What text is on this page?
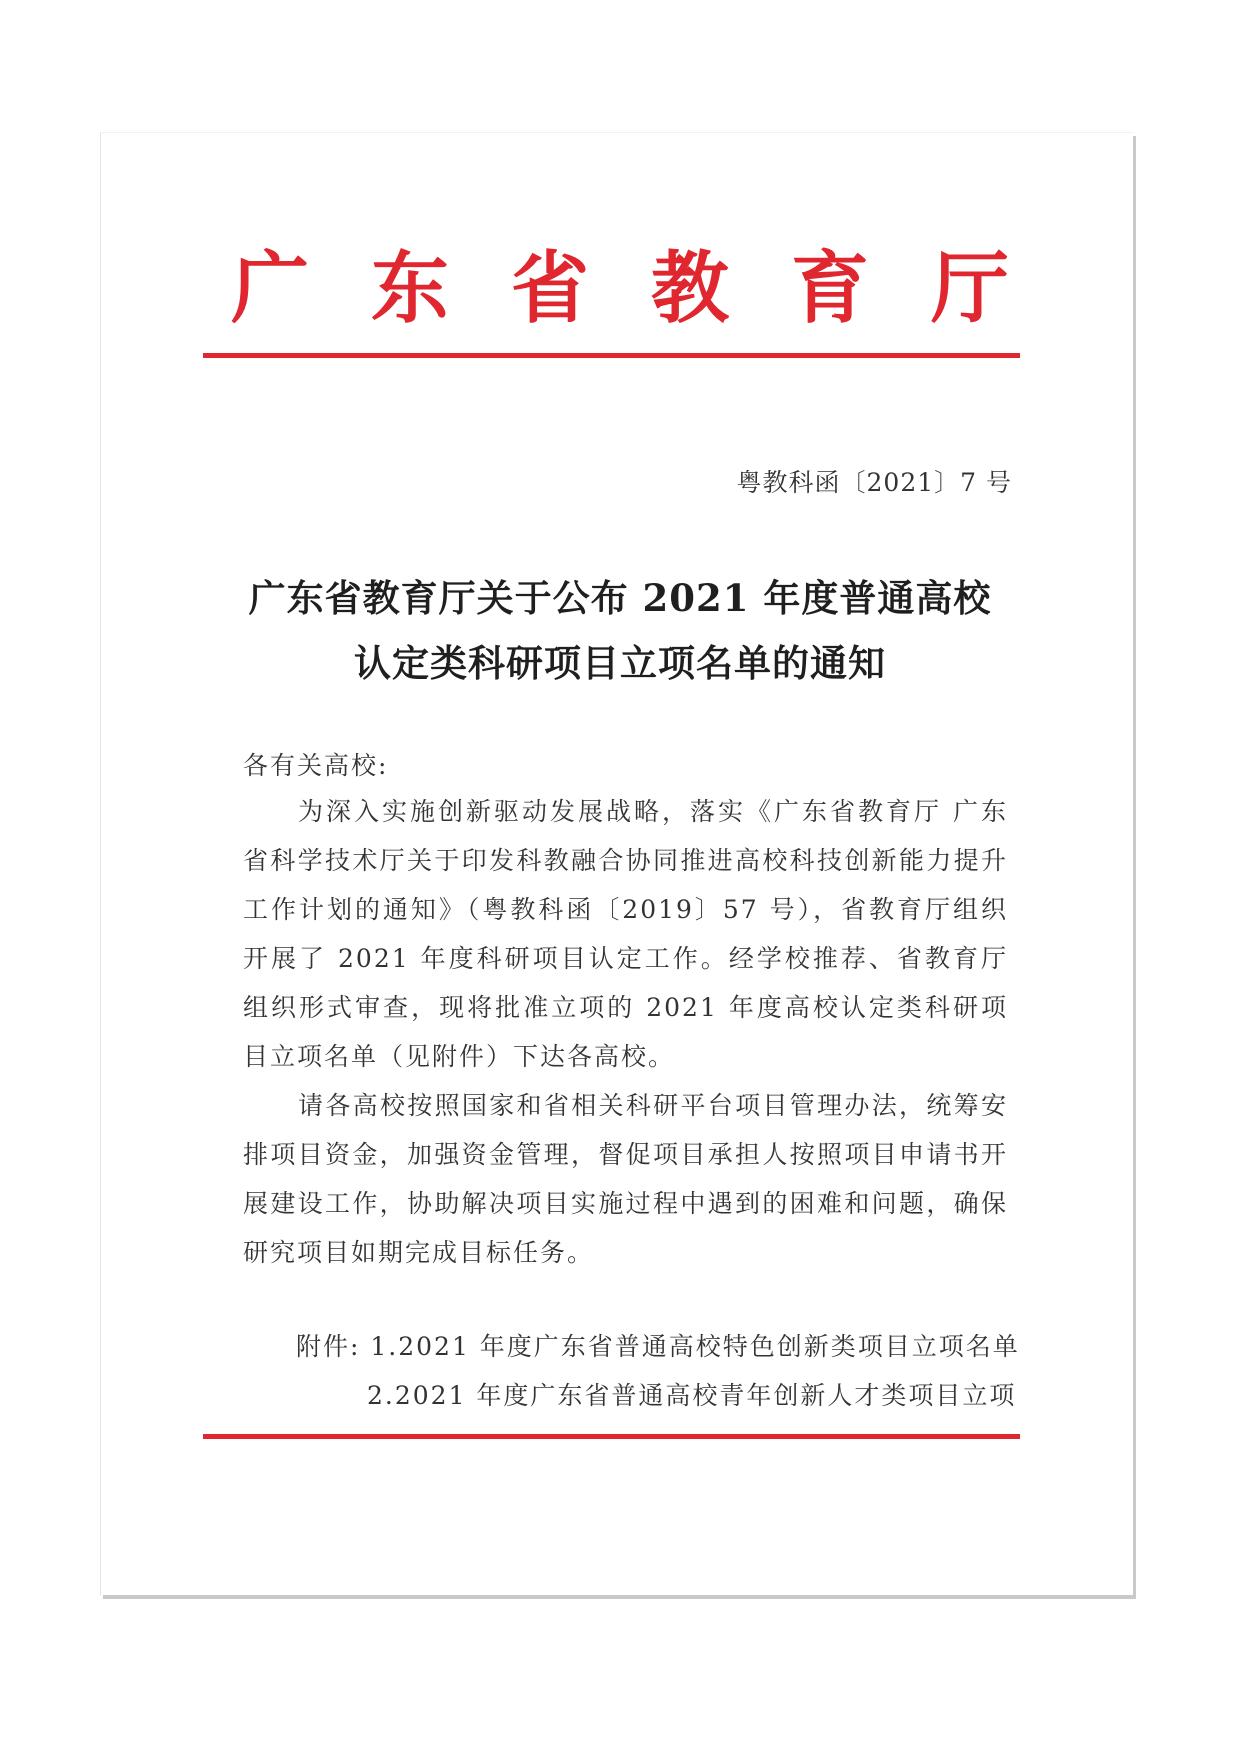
广 东 省 教 育 厅
粤教科函〔2021〕7 号
广东省教育厅关于公布 2021 年度普通高校
认定类科研项目立项名单的通知
各有关高校:

为深入实施创新驱动发展战略，落实《广东省教育厅 广东省科学技术厅关于印发科教融合协同推进高校科技创新能力提升工作计划的通知》（粤教科函〔2019〕57 号），省教育厅组织开展了 2021 年度科研项目认定工作。经学校推荐、省教育厅组织形式审查，现将批准立项的 2021 年度高校认定类科研项目立项名单（见附件）下达各高校。

请各高校按照国家和省相关科研平台项目管理办法，统筹安排项目资金，加强资金管理，督促项目承担人按照项目申请书开展建设工作，协助解决项目实施过程中遇到的困难和问题，确保研究项目如期完成目标任务。

附件: 1.2021 年度广东省普通高校特色创新类项目立项名单
2.2021 年度广东省普通高校青年创新人才类项目立项
